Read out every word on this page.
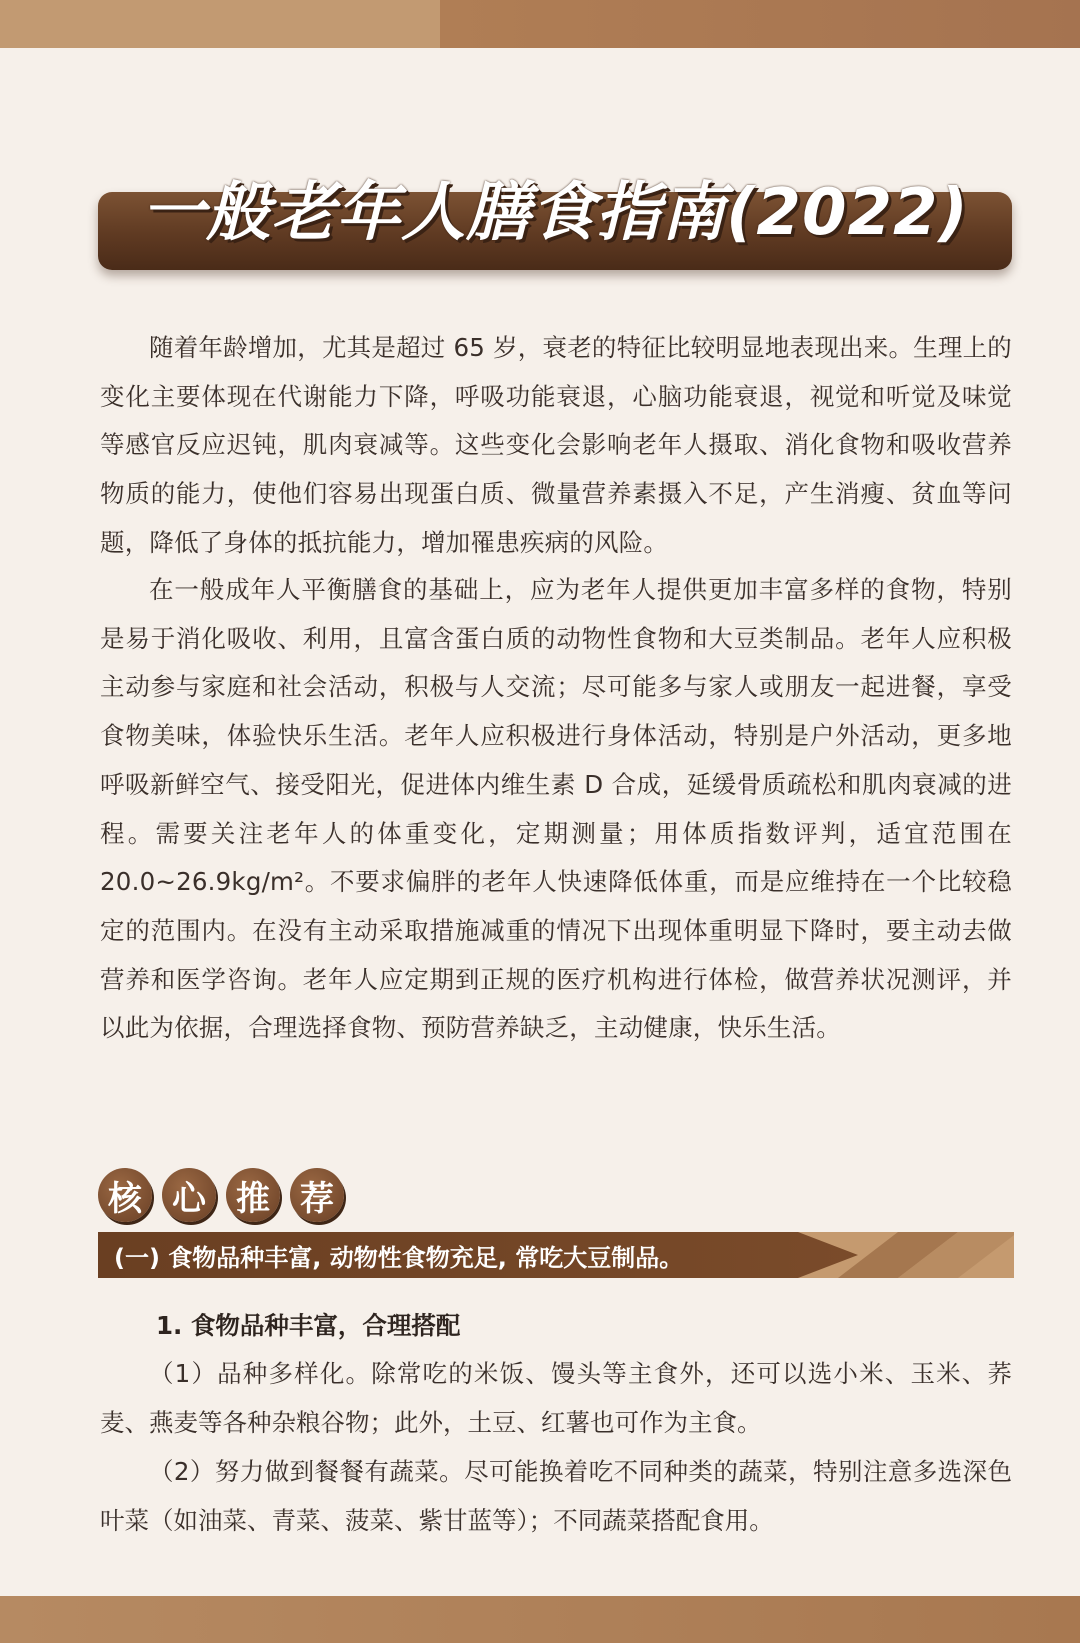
一般老年人膳食指南(2022)

随着年龄增加，尤其是超过 65 岁，衰老的特征比较明显地表现出来。生理上的变化主要体现在代谢能力下降，呼吸功能衰退，心脑功能衰退，视觉和听觉及味觉等感官反应迟钝，肌肉衰减等。这些变化会影响老年人摄取、消化食物和吸收营养物质的能力，使他们容易出现蛋白质、微量营养素摄入不足，产生消瘦、贫血等问题，降低了身体的抵抗能力，增加罹患疾病的风险。

在一般成年人平衡膳食的基础上，应为老年人提供更加丰富多样的食物，特别是易于消化吸收、利用，且富含蛋白质的动物性食物和大豆类制品。老年人应积极主动参与家庭和社会活动，积极与人交流；尽可能多与家人或朋友一起进餐，享受食物美味，体验快乐生活。老年人应积极进行身体活动，特别是户外活动，更多地呼吸新鲜空气、接受阳光，促进体内维生素 D 合成，延缓骨质疏松和肌肉衰减的进程。需要关注老年人的体重变化，定期测量；用体质指数评判，适宜范围在 20.0~26.9kg/m²。不要求偏胖的老年人快速降低体重，而是应维持在一个比较稳定的范围内。在没有主动采取措施减重的情况下出现体重明显下降时，要主动去做营养和医学咨询。老年人应定期到正规的医疗机构进行体检，做营养状况测评，并以此为依据，合理选择食物、预防营养缺乏，主动健康，快乐生活。

核 心 推 荐
(一) 食物品种丰富, 动物性食物充足, 常吃大豆制品。
1. 食物品种丰富，合理搭配

（1）品种多样化。除常吃的米饭、馒头等主食外，还可以选小米、玉米、荞麦、燕麦等各种杂粮谷物；此外，土豆、红薯也可作为主食。

（2）努力做到餐餐有蔬菜。尽可能换着吃不同种类的蔬菜，特别注意多选深色叶菜（如油菜、青菜、菠菜、紫甘蓝等）；不同蔬菜搭配食用。
